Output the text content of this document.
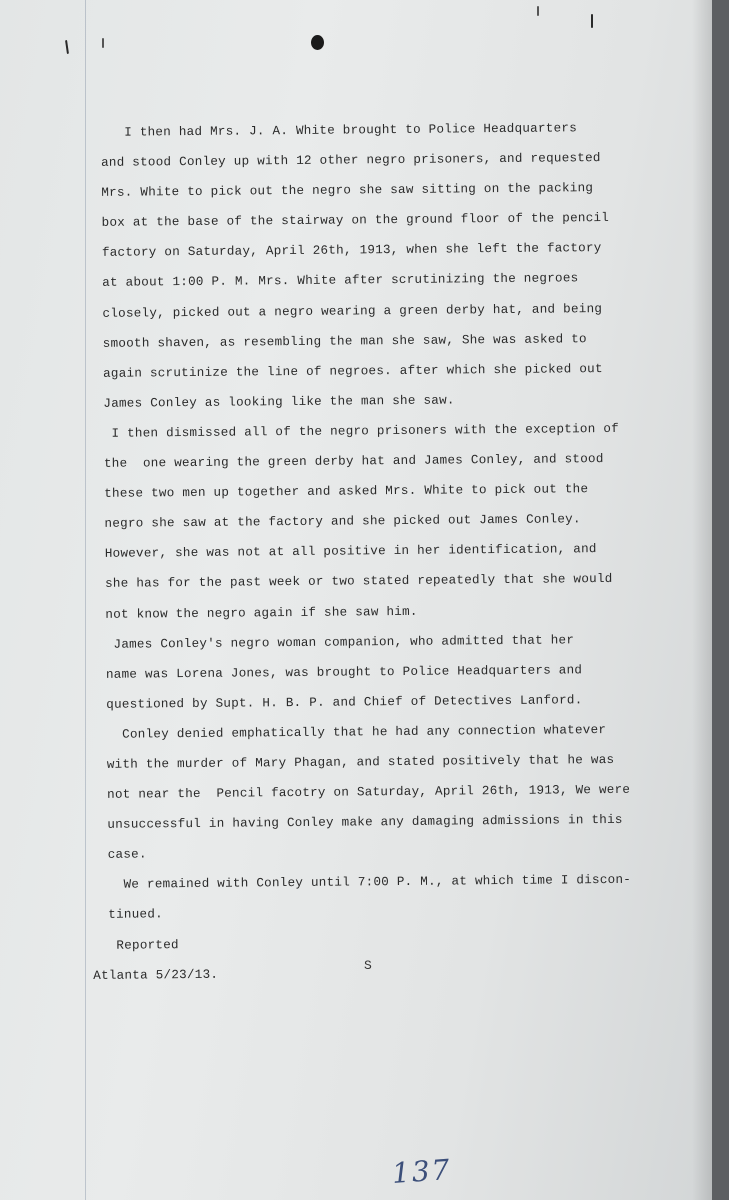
I then had Mrs. J. A. White brought to Police Headquarters
and stood Conley up with 12 other negro prisoners, and requested
Mrs. White to pick out the negro she saw sitting on the packing
box at the base of the stairway on the ground floor of the pencil
factory on Saturday, April 26th, 1913, when she left the factory
at about 1:00 P. M. Mrs. White after scrutinizing the negroes
closely, picked out a negro wearing a green derby hat, and being
smooth shaven, as resembling the man she saw, She was asked to
again scrutinize the line of negroes. after which she picked out
James Conley as looking like the man she saw.
I then dismissed all of the negro prisoners with the exception of
the  one wearing the green derby hat and James Conley, and stood
these two men up together and asked Mrs. White to pick out the
negro she saw at the factory and she picked out James Conley.
However, she was not at all positive in her identification, and
she has for the past week or two stated repeatedly that she would
not know the negro again if she saw him.
James Conley's negro woman companion, who admitted that her
name was Lorena Jones, was brought to Police Headquarters and
questioned by Supt. H. B. P. and Chief of Detectives Lanford.
Conley denied emphatically that he had any connection whatever
with the murder of Mary Phagan, and stated positively that he was
not near the  Pencil facotry on Saturday, April 26th, 1913, We were
unsuccessful in having Conley make any damaging admissions in this
case.
We remained with Conley until 7:00 P. M., at which time I discon-
tinued.
Reported
Atlanta 5/23/13.
S
137
